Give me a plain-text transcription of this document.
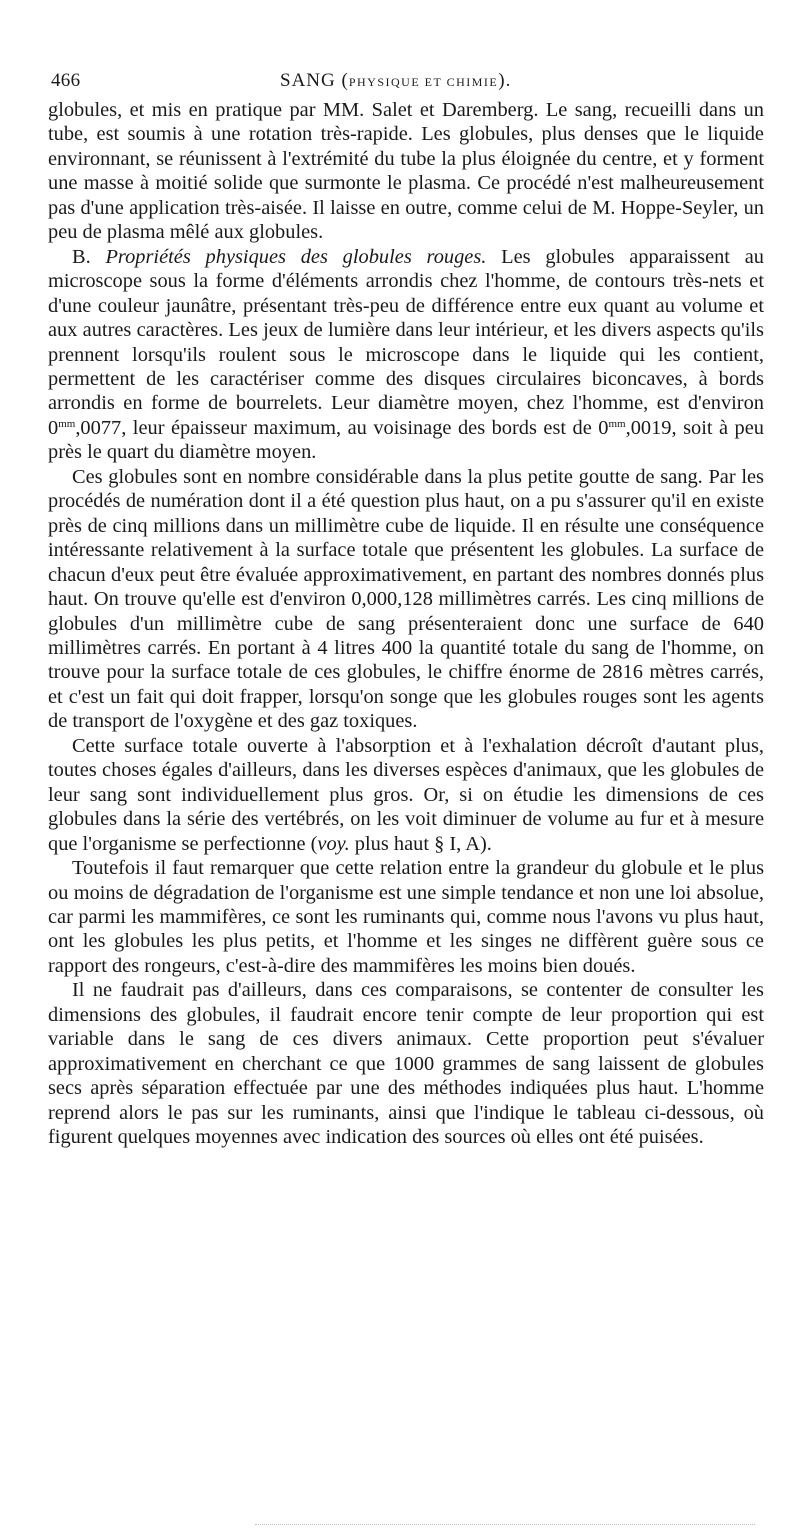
466	SANG (PHYSIQUE ET CHIMIE).

globules, et mis en pratique par MM. Salet et Daremberg. Le sang, recueilli dans un tube, est soumis à une rotation très-rapide. Les globules, plus denses que le liquide environnant, se réunissent à l'extrémité du tube la plus éloignée du centre, et y forment une masse à moitié solide que surmonte le plasma. Ce procédé n'est malheureusement pas d'une application très-aisée. Il laisse en outre, comme celui de M. Hoppe-Seyler, un peu de plasma mêlé aux globules.

B. Propriétés physiques des globules rouges. Les globules apparaissent au microscope sous la forme d'éléments arrondis chez l'homme, de contours très-nets et d'une couleur jaunâtre, présentant très-peu de différence entre eux quant au volume et aux autres caractères. Les jeux de lumière dans leur intérieur, et les divers aspects qu'ils prennent lorsqu'ils roulent sous le microscope dans le liquide qui les contient, permettent de les caractériser comme des disques circulaires biconcaves, à bords arrondis en forme de bourrelets. Leur diamètre moyen, chez l'homme, est d'environ $0^{mm},0077$, leur épaisseur maximum, au voisinage des bords est de $0^{mm},0019$, soit à peu près le quart du diamètre moyen.

Ces globules sont en nombre considérable dans la plus petite goutte de sang. Par les procédés de numération dont il a été question plus haut, on a pu s'assurer qu'il en existe près de cinq millions dans un millimètre cube de liquide. Il en résulte une conséquence intéressante relativement à la surface totale que présentent les globules. La surface de chacun d'eux peut être évaluée approximativement, en partant des nombres donnés plus haut. On trouve qu'elle est d'environ 0,000,128 millimètres carrés. Les cinq millions de globules d'un millimètre cube de sang présenteraient donc une surface de 640 millimètres carrés. En portant à 4 litres 400 la quantité totale du sang de l'homme, on trouve pour la surface totale de ces globules, le chiffre énorme de 2816 mètres carrés, et c'est un fait qui doit frapper, lorsqu'on songe que les globules rouges sont les agents de transport de l'oxygène et des gaz toxiques.

Cette surface totale ouverte à l'absorption et à l'exhalation décroît d'autant plus, toutes choses égales d'ailleurs, dans les diverses espèces d'animaux, que les globules de leur sang sont individuellement plus gros. Or, si on étudie les dimensions de ces globules dans la série des vertébrés, on les voit diminuer de volume au fur et à mesure que l'organisme se perfectionne (voy. plus haut § I, A).

Toutefois il faut remarquer que cette relation entre la grandeur du globule et le plus ou moins de dégradation de l'organisme est une simple tendance et non une loi absolue, car parmi les mammifères, ce sont les ruminants qui, comme nous l'avons vu plus haut, ont les globules les plus petits, et l'homme et les singes ne diffèrent guère sous ce rapport des rongeurs, c'est-à-dire des mammifères les moins bien doués.

Il ne faudrait pas d'ailleurs, dans ces comparaisons, se contenter de consulter les dimensions des globules, il faudrait encore tenir compte de leur proportion qui est variable dans le sang de ces divers animaux. Cette proportion peut s'évaluer approximativement en cherchant ce que 1000 grammes de sang laissent de globules secs après séparation effectuée par une des méthodes indiquées plus haut. L'homme reprend alors le pas sur les ruminants, ainsi que l'indique le tableau ci-dessous, où figurent quelques moyennes avec indication des sources où elles ont été puisées.
